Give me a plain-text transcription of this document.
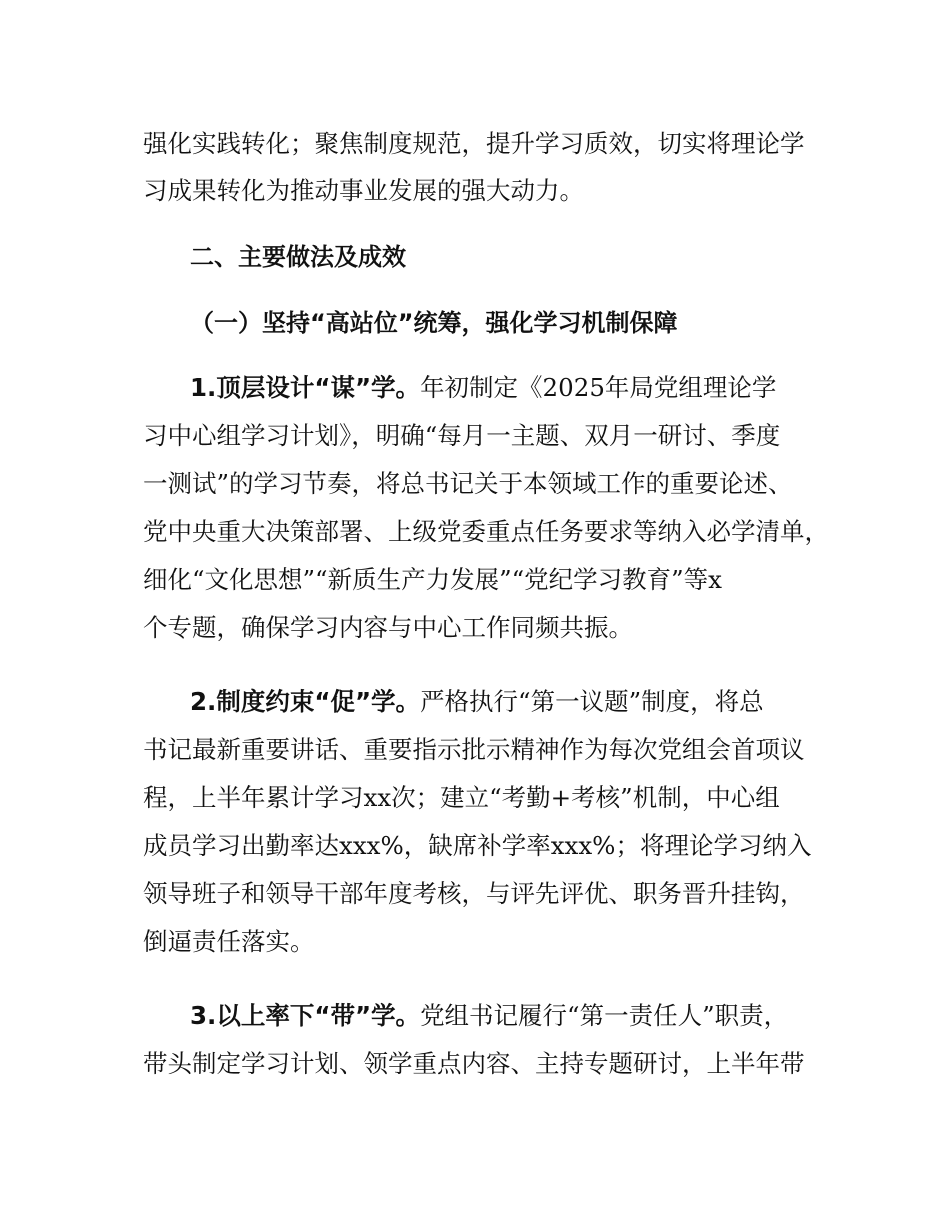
强化实践转化；聚焦制度规范，提升学习质效，切实将理论学

习成果转化为推动事业发展的强大动力。

二、主要做法及成效

（一）坚持“高站位”统筹，强化学习机制保障

1.顶层设计“谋”学。年初制定《2025年局党组理论学

习中心组学习计划》，明确“每月一主题、双月一研讨、季度

一测试”的学习节奏，将总书记关于本领域工作的重要论述、

党中央重大决策部署、上级党委重点任务要求等纳入必学清单，

细化“文化思想”“新质生产力发展”“党纪学习教育”等x

个专题，确保学习内容与中心工作同频共振。

2.制度约束“促”学。严格执行“第一议题”制度，将总

书记最新重要讲话、重要指示批示精神作为每次党组会首项议

程，上半年累计学习xx次；建立“考勤+考核”机制，中心组

成员学习出勤率达xxx%，缺席补学率xxx%；将理论学习纳入

领导班子和领导干部年度考核，与评先评优、职务晋升挂钩，

倒逼责任落实。

3.以上率下“带”学。党组书记履行“第一责任人”职责，

带头制定学习计划、领学重点内容、主持专题研讨，上半年带
